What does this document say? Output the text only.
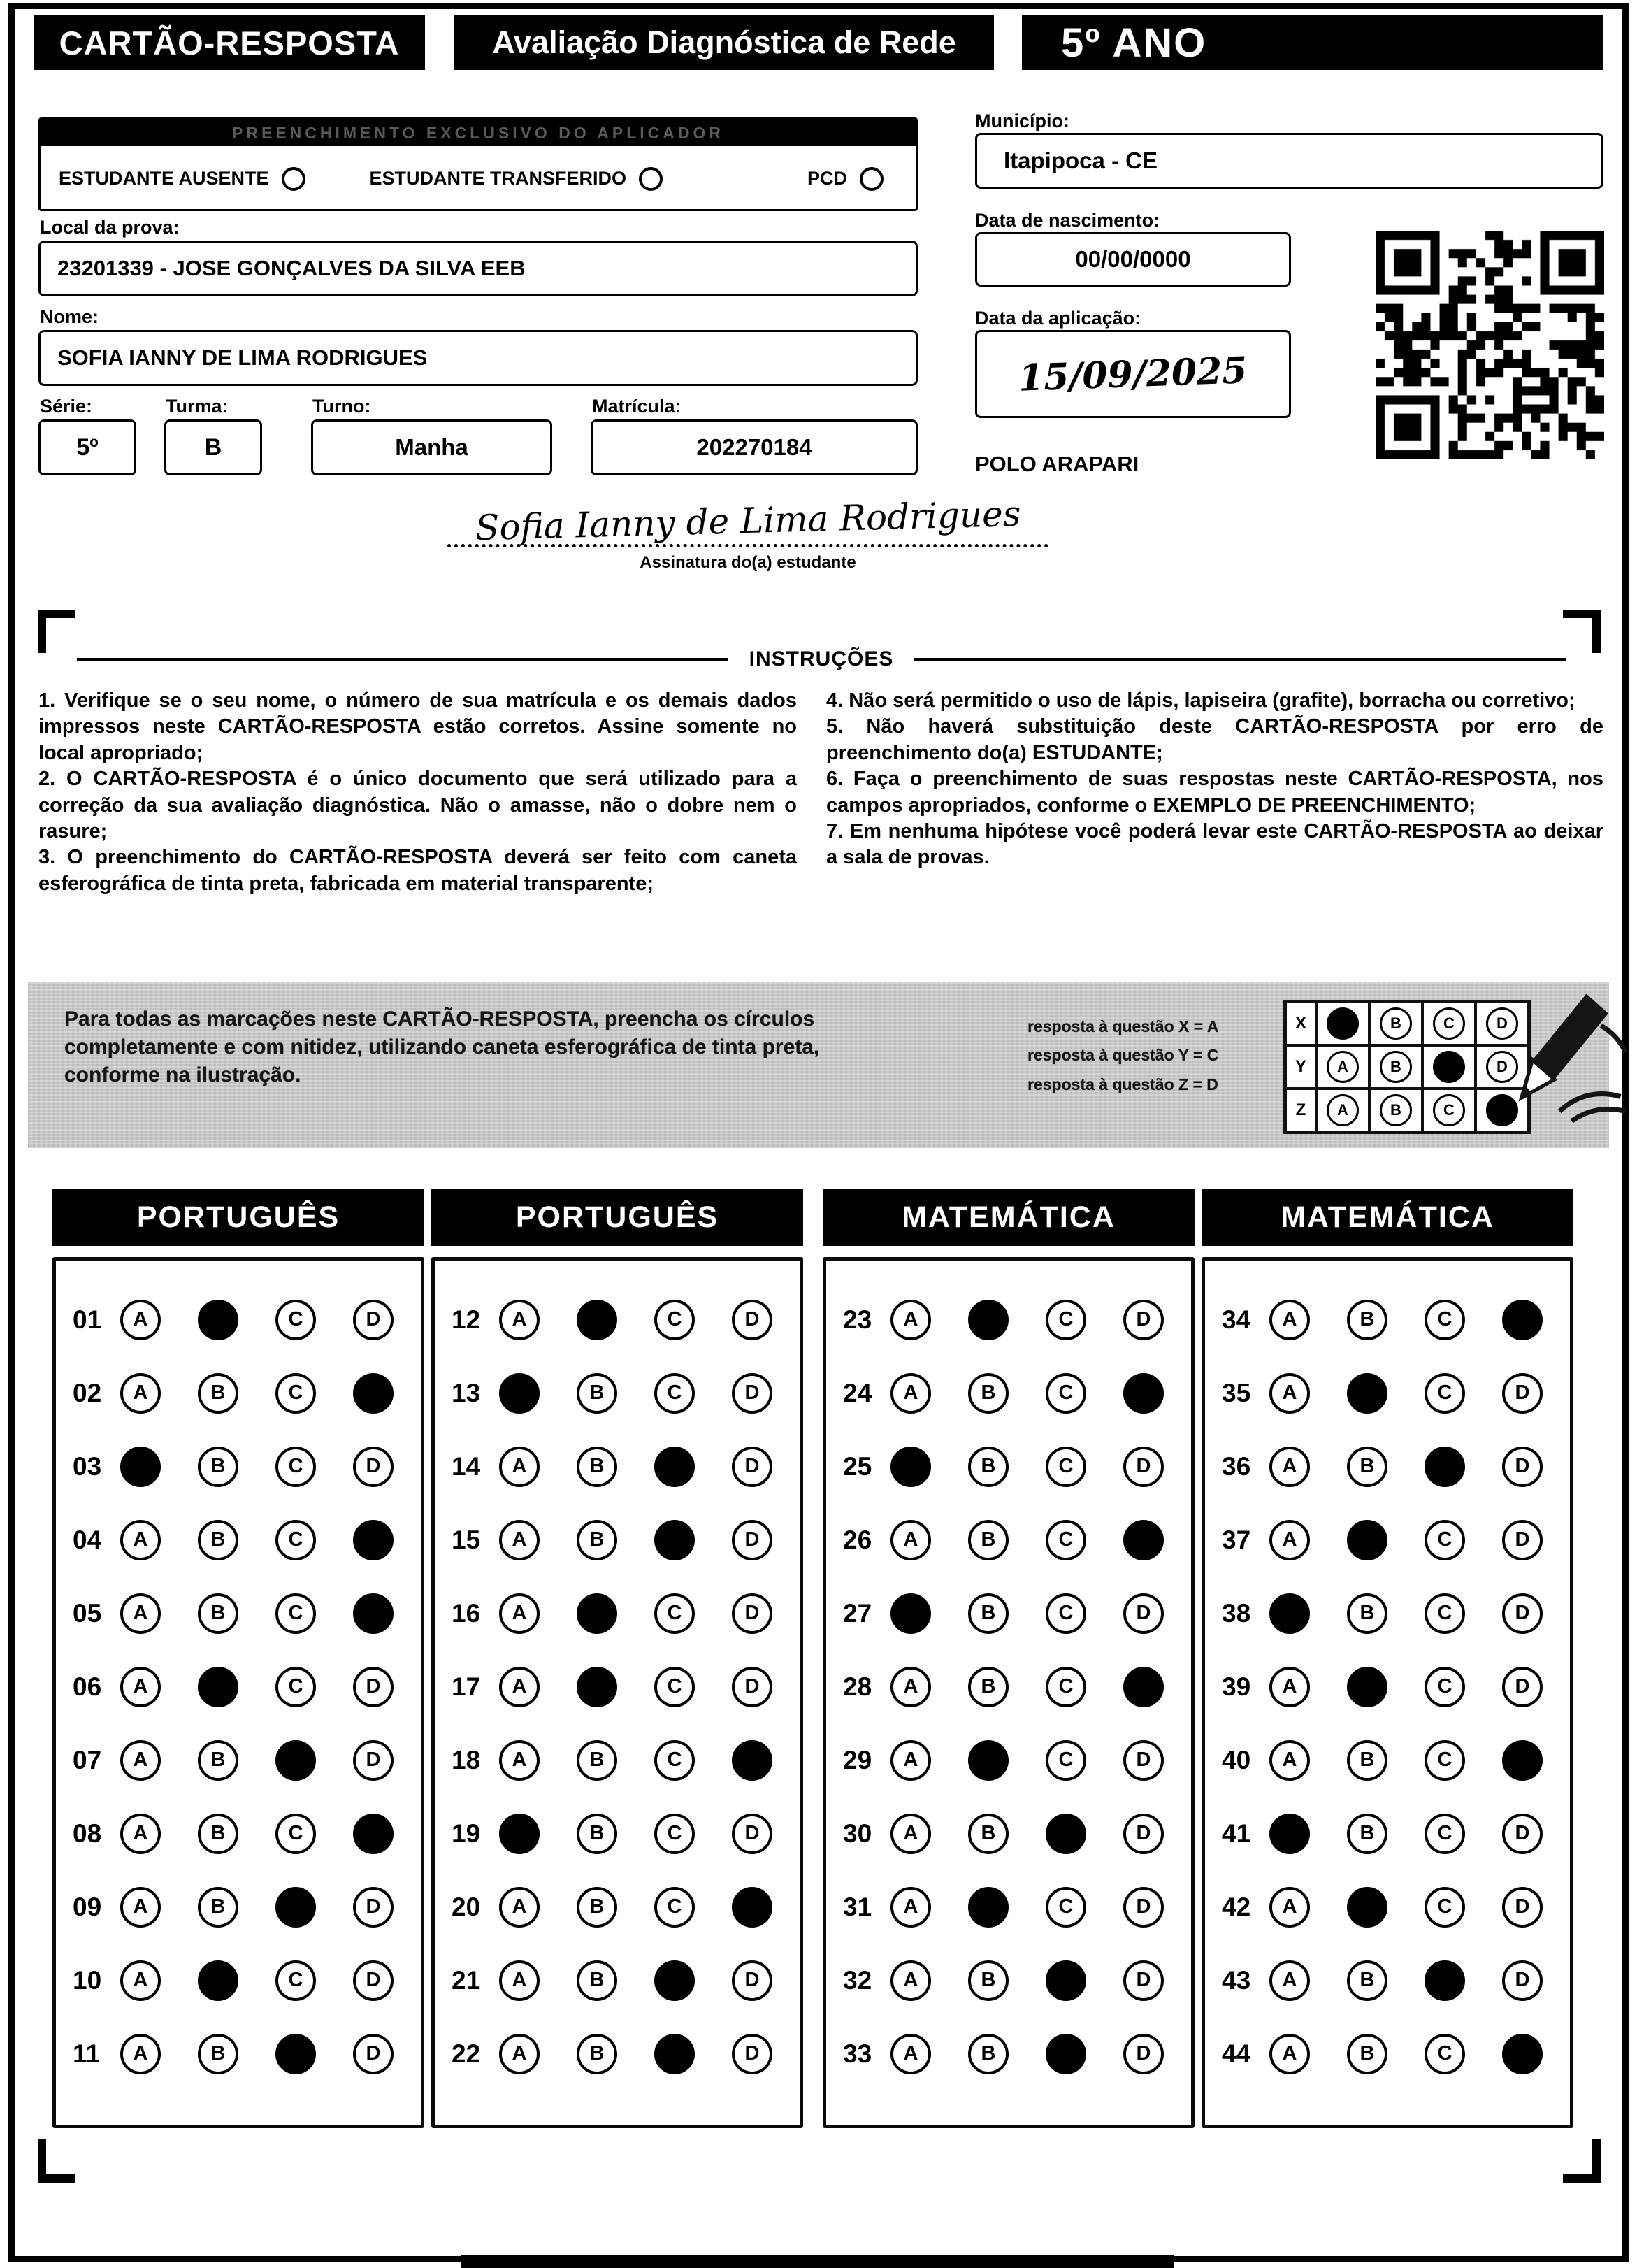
CARTÃO-RESPOSTA	Avaliação Diagnóstica de Rede	5º ANO
PREENCHIMENTO EXCLUSIVO DO APLICADOR
ESTUDANTE AUSENTE	ESTUDANTE TRANSFERIDO	PCD
Local da prova:
23201339 - JOSE GONÇALVES DA SILVA EEB
Nome:
SOFIA IANNY DE LIMA RODRIGUES
Série:
5º
Turma:
B
Turno:
Manha
Matrícula:
202270184
Município:
Itapipoca - CE
Data de nascimento:
00/00/0000
Data da aplicação:
15/09/2025
POLO ARAPARI
Sofia Ianny de Lima Rodrigues
Assinatura do(a) estudante
INSTRUÇÕES

1. Verifique se o seu nome, o número de sua matrícula e os demais dados impressos neste CARTÃO-RESPOSTA estão corretos. Assine somente no local apropriado;

2. O CARTÃO-RESPOSTA é o único documento que será utilizado para a correção da sua avaliação diagnóstica. Não o amasse, não o dobre nem o rasure;

3. O preenchimento do CARTÃO-RESPOSTA deverá ser feito com caneta esferográfica de tinta preta, fabricada em material transparente;

4. Não será permitido o uso de lápis, lapiseira (grafite), borracha ou corretivo;

5. Não haverá substituição deste CARTÃO-RESPOSTA por erro de preenchimento do(a) ESTUDANTE;

6. Faça o preenchimento de suas respostas neste CARTÃO-RESPOSTA, nos campos apropriados, conforme o EXEMPLO DE PREENCHIMENTO;

7. Em nenhuma hipótese você poderá levar este CARTÃO-RESPOSTA ao deixar a sala de provas.

Para todas as marcações neste CARTÃO-RESPOSTA, preencha os círculos completamente e com nitidez, utilizando caneta esferográfica de tinta preta, conforme na ilustração.
resposta à questão X = A
resposta à questão Y = C
resposta à questão Z = D
X	A	B	C	D
Y	A	B	C	D
Z	A	B	C	D
PORTUGUÊS
01	A	B	C	D
02	A	B	C	D
03	A	B	C	D
04	A	B	C	D
05	A	B	C	D
06	A	B	C	D
07	A	B	C	D
08	A	B	C	D
09	A	B	C	D
10	A	B	C	D
11	A	B	C	D
PORTUGUÊS
12	A	B	C	D
13	A	B	C	D
14	A	B	C	D
15	A	B	C	D
16	A	B	C	D
17	A	B	C	D
18	A	B	C	D
19	A	B	C	D
20	A	B	C	D
21	A	B	C	D
22	A	B	C	D
MATEMÁTICA
23	A	B	C	D
24	A	B	C	D
25	A	B	C	D
26	A	B	C	D
27	A	B	C	D
28	A	B	C	D
29	A	B	C	D
30	A	B	C	D
31	A	B	C	D
32	A	B	C	D
33	A	B	C	D
MATEMÁTICA
34	A	B	C	D
35	A	B	C	D
36	A	B	C	D
37	A	B	C	D
38	A	B	C	D
39	A	B	C	D
40	A	B	C	D
41	A	B	C	D
42	A	B	C	D
43	A	B	C	D
44	A	B	C	D
